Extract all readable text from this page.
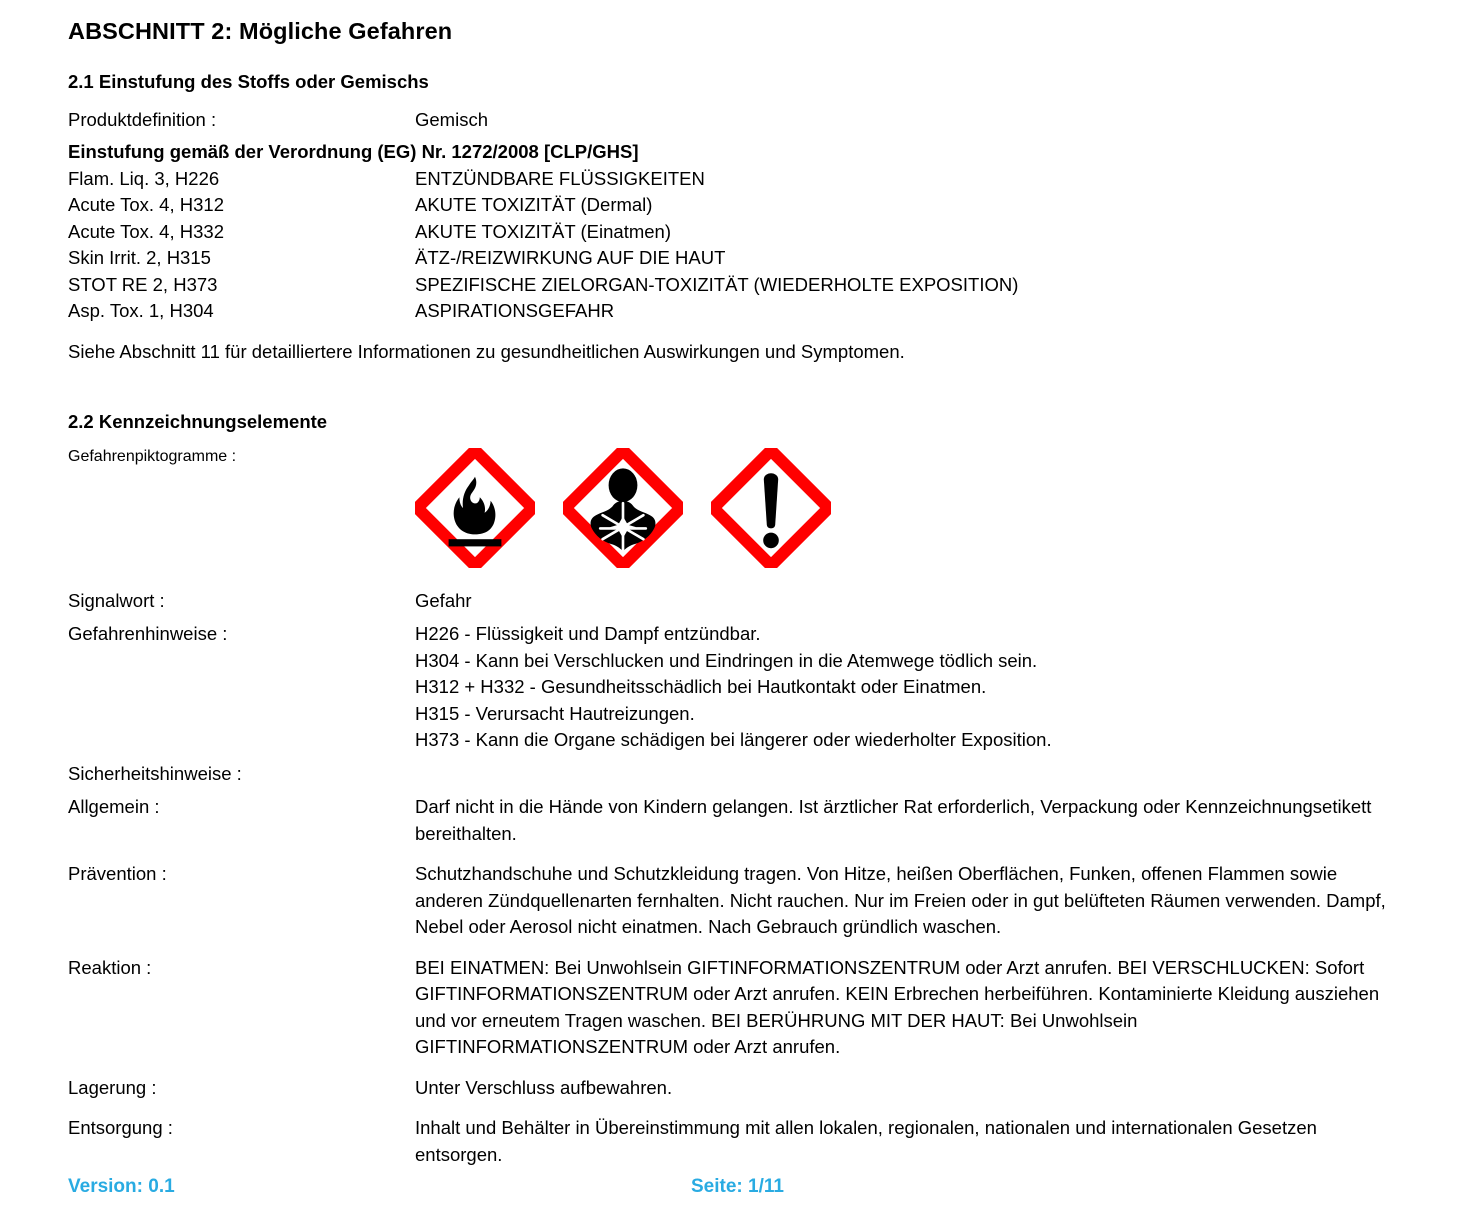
ABSCHNITT 2: Mögliche Gefahren
2.1 Einstufung des Stoffs oder Gemischs
Produktdefinition :	Gemisch
Einstufung gemäß der Verordnung (EG) Nr. 1272/2008 [CLP/GHS]
Flam. Liq. 3, H226	ENTZÜNDBARE FLÜSSIGKEITEN
Acute Tox. 4, H312	AKUTE TOXIZITÄT (Dermal)
Acute Tox. 4, H332	AKUTE TOXIZITÄT (Einatmen)
Skin Irrit. 2, H315	ÄTZ-/REIZWIRKUNG AUF DIE HAUT
STOT RE 2, H373	SPEZIFISCHE ZIELORGAN-TOXIZITÄT (WIEDERHOLTE EXPOSITION)
Asp. Tox. 1, H304	ASPIRATIONSGEFAHR
Siehe Abschnitt 11 für detailliertere Informationen zu gesundheitlichen Auswirkungen und Symptomen.
2.2 Kennzeichnungselemente
Gefahrenpiktogramme :
Signalwort :	Gefahr
Gefahrenhinweise :	H226 - Flüssigkeit und Dampf entzündbar.
H304 - Kann bei Verschlucken und Eindringen in die Atemwege tödlich sein.
H312 + H332 - Gesundheitsschädlich bei Hautkontakt oder Einatmen.
H315 - Verursacht Hautreizungen.
H373 - Kann die Organe schädigen bei längerer oder wiederholter Exposition.
Sicherheitshinweise :
Allgemein :	Darf nicht in die Hände von Kindern gelangen. Ist ärztlicher Rat erforderlich, Verpackung oder Kennzeichnungsetikett bereithalten.
Prävention :	Schutzhandschuhe und Schutzkleidung tragen. Von Hitze, heißen Oberflächen, Funken, offenen Flammen sowie anderen Zündquellenarten fernhalten. Nicht rauchen. Nur im Freien oder in gut belüfteten Räumen verwenden. Dampf, Nebel oder Aerosol nicht einatmen. Nach Gebrauch gründlich waschen.
Reaktion :	BEI EINATMEN: Bei Unwohlsein GIFTINFORMATIONSZENTRUM oder Arzt anrufen. BEI VERSCHLUCKEN: Sofort GIFTINFORMATIONSZENTRUM oder Arzt anrufen. KEIN Erbrechen herbeiführen. Kontaminierte Kleidung ausziehen und vor erneutem Tragen waschen. BEI BERÜHRUNG MIT DER HAUT: Bei Unwohlsein GIFTINFORMATIONSZENTRUM oder Arzt anrufen.
Lagerung :	Unter Verschluss aufbewahren.
Entsorgung :	Inhalt und Behälter in Übereinstimmung mit allen lokalen, regionalen, nationalen und internationalen Gesetzen entsorgen.
Version: 0.1	Seite: 1/11
